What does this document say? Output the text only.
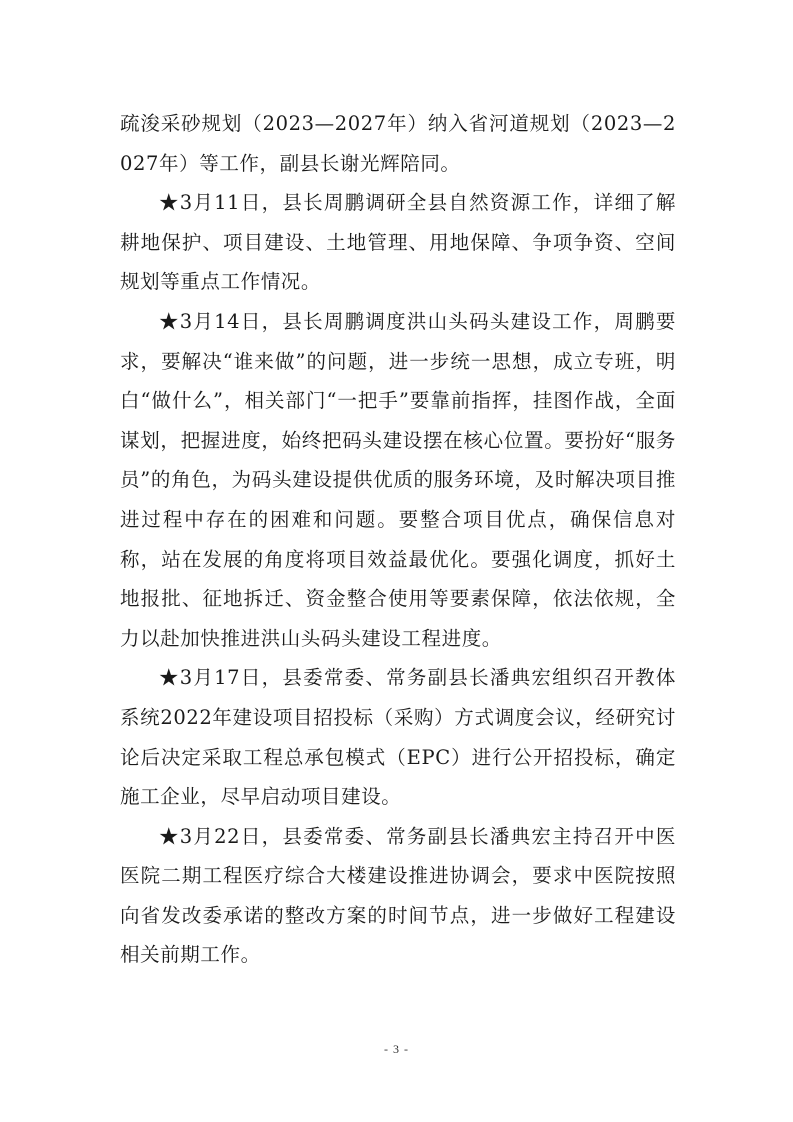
疏浚采砂规划（2023—2027年）纳入省河道规划（2023—2027年）等工作，副县长谢光辉陪同。

★3月11日，县长周鹏调研全县自然资源工作，详细了解耕地保护、项目建设、土地管理、用地保障、争项争资、空间规划等重点工作情况。

★3月14日，县长周鹏调度洪山头码头建设工作，周鹏要求，要解决“谁来做”的问题，进一步统一思想，成立专班，明白“做什么”，相关部门“一把手”要靠前指挥，挂图作战，全面谋划，把握进度，始终把码头建设摆在核心位置。要扮好“服务员”的角色，为码头建设提供优质的服务环境，及时解决项目推进过程中存在的困难和问题。要整合项目优点，确保信息对称，站在发展的角度将项目效益最优化。要强化调度，抓好土地报批、征地拆迁、资金整合使用等要素保障，依法依规，全力以赴加快推进洪山头码头建设工程进度。

★3月17日，县委常委、常务副县长潘典宏组织召开教体系统2022年建设项目招投标（采购）方式调度会议，经研究讨论后决定采取工程总承包模式（EPC）进行公开招投标，确定施工企业，尽早启动项目建设。

★3月22日，县委常委、常务副县长潘典宏主持召开中医医院二期工程医疗综合大楼建设推进协调会，要求中医院按照向省发改委承诺的整改方案的时间节点，进一步做好工程建设相关前期工作。

- 3 -
